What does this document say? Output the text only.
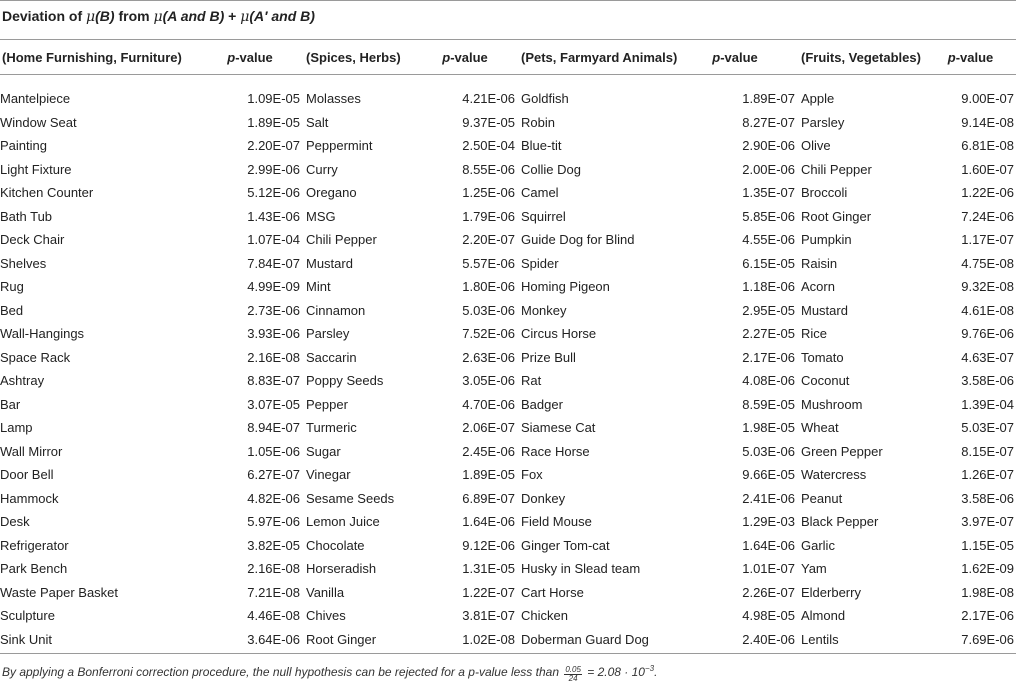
Deviation of μ(B) from μ(A and B) + μ(A′ and B)
(Home Furnishing, Furniture)	p-value	(Spices, Herbs)	p-value	(Pets, Farmyard Animals)	p-value	(Fruits, Vegetables)	p-value
Mantelpiece	1.09E-05	Molasses	4.21E-06	Goldfish	1.89E-07	Apple	9.00E-07
Window Seat	1.89E-05	Salt	9.37E-05	Robin	8.27E-07	Parsley	9.14E-08
Painting	2.20E-07	Peppermint	2.50E-04	Blue-tit	2.90E-06	Olive	6.81E-08
Light Fixture	2.99E-06	Curry	8.55E-06	Collie Dog	2.00E-06	Chili Pepper	1.60E-07
Kitchen Counter	5.12E-06	Oregano	1.25E-06	Camel	1.35E-07	Broccoli	1.22E-06
Bath Tub	1.43E-06	MSG	1.79E-06	Squirrel	5.85E-06	Root Ginger	7.24E-06
Deck Chair	1.07E-04	Chili Pepper	2.20E-07	Guide Dog for Blind	4.55E-06	Pumpkin	1.17E-07
Shelves	7.84E-07	Mustard	5.57E-06	Spider	6.15E-05	Raisin	4.75E-08
Rug	4.99E-09	Mint	1.80E-06	Homing Pigeon	1.18E-06	Acorn	9.32E-08
Bed	2.73E-06	Cinnamon	5.03E-06	Monkey	2.95E-05	Mustard	4.61E-08
Wall-Hangings	3.93E-06	Parsley	7.52E-06	Circus Horse	2.27E-05	Rice	9.76E-06
Space Rack	2.16E-08	Saccarin	2.63E-06	Prize Bull	2.17E-06	Tomato	4.63E-07
Ashtray	8.83E-07	Poppy Seeds	3.05E-06	Rat	4.08E-06	Coconut	3.58E-06
Bar	3.07E-05	Pepper	4.70E-06	Badger	8.59E-05	Mushroom	1.39E-04
Lamp	8.94E-07	Turmeric	2.06E-07	Siamese Cat	1.98E-05	Wheat	5.03E-07
Wall Mirror	1.05E-06	Sugar	2.45E-06	Race Horse	5.03E-06	Green Pepper	8.15E-07
Door Bell	6.27E-07	Vinegar	1.89E-05	Fox	9.66E-05	Watercress	1.26E-07
Hammock	4.82E-06	Sesame Seeds	6.89E-07	Donkey	2.41E-06	Peanut	3.58E-06
Desk	5.97E-06	Lemon Juice	1.64E-06	Field Mouse	1.29E-03	Black Pepper	3.97E-07
Refrigerator	3.82E-05	Chocolate	9.12E-06	Ginger Tom-cat	1.64E-06	Garlic	1.15E-05
Park Bench	2.16E-08	Horseradish	1.31E-05	Husky in Slead team	1.01E-07	Yam	1.62E-09
Waste Paper Basket	7.21E-08	Vanilla	1.22E-07	Cart Horse	2.26E-07	Elderberry	1.98E-08
Sculpture	4.46E-08	Chives	3.81E-07	Chicken	4.98E-05	Almond	2.17E-06
Sink Unit	3.64E-06	Root Ginger	1.02E-08	Doberman Guard Dog	2.40E-06	Lentils	7.69E-06
By applying a Bonferroni correction procedure, the null hypothesis can be rejected for a p-value less than $\frac{0.05}{24} = 2.08 \cdot 10^{-3}$.
